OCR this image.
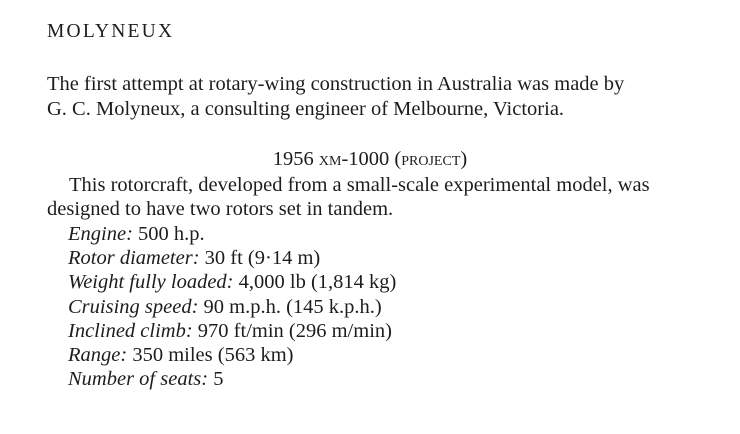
MOLYNEUX
The first attempt at rotary-wing construction in Australia was made by
G. C. Molyneux, a consulting engineer of Melbourne, Victoria.
1956 xm-1000 (project)
This rotorcraft, developed from a small-scale experimental model, was
designed to have two rotors set in tandem.
Engine: 500 h.p.
Rotor diameter: 30 ft (9·14 m)
Weight fully loaded: 4,000 lb (1,814 kg)
Cruising speed: 90 m.p.h. (145 k.p.h.)
Inclined climb: 970 ft/min (296 m/min)
Range: 350 miles (563 km)
Number of seats: 5
